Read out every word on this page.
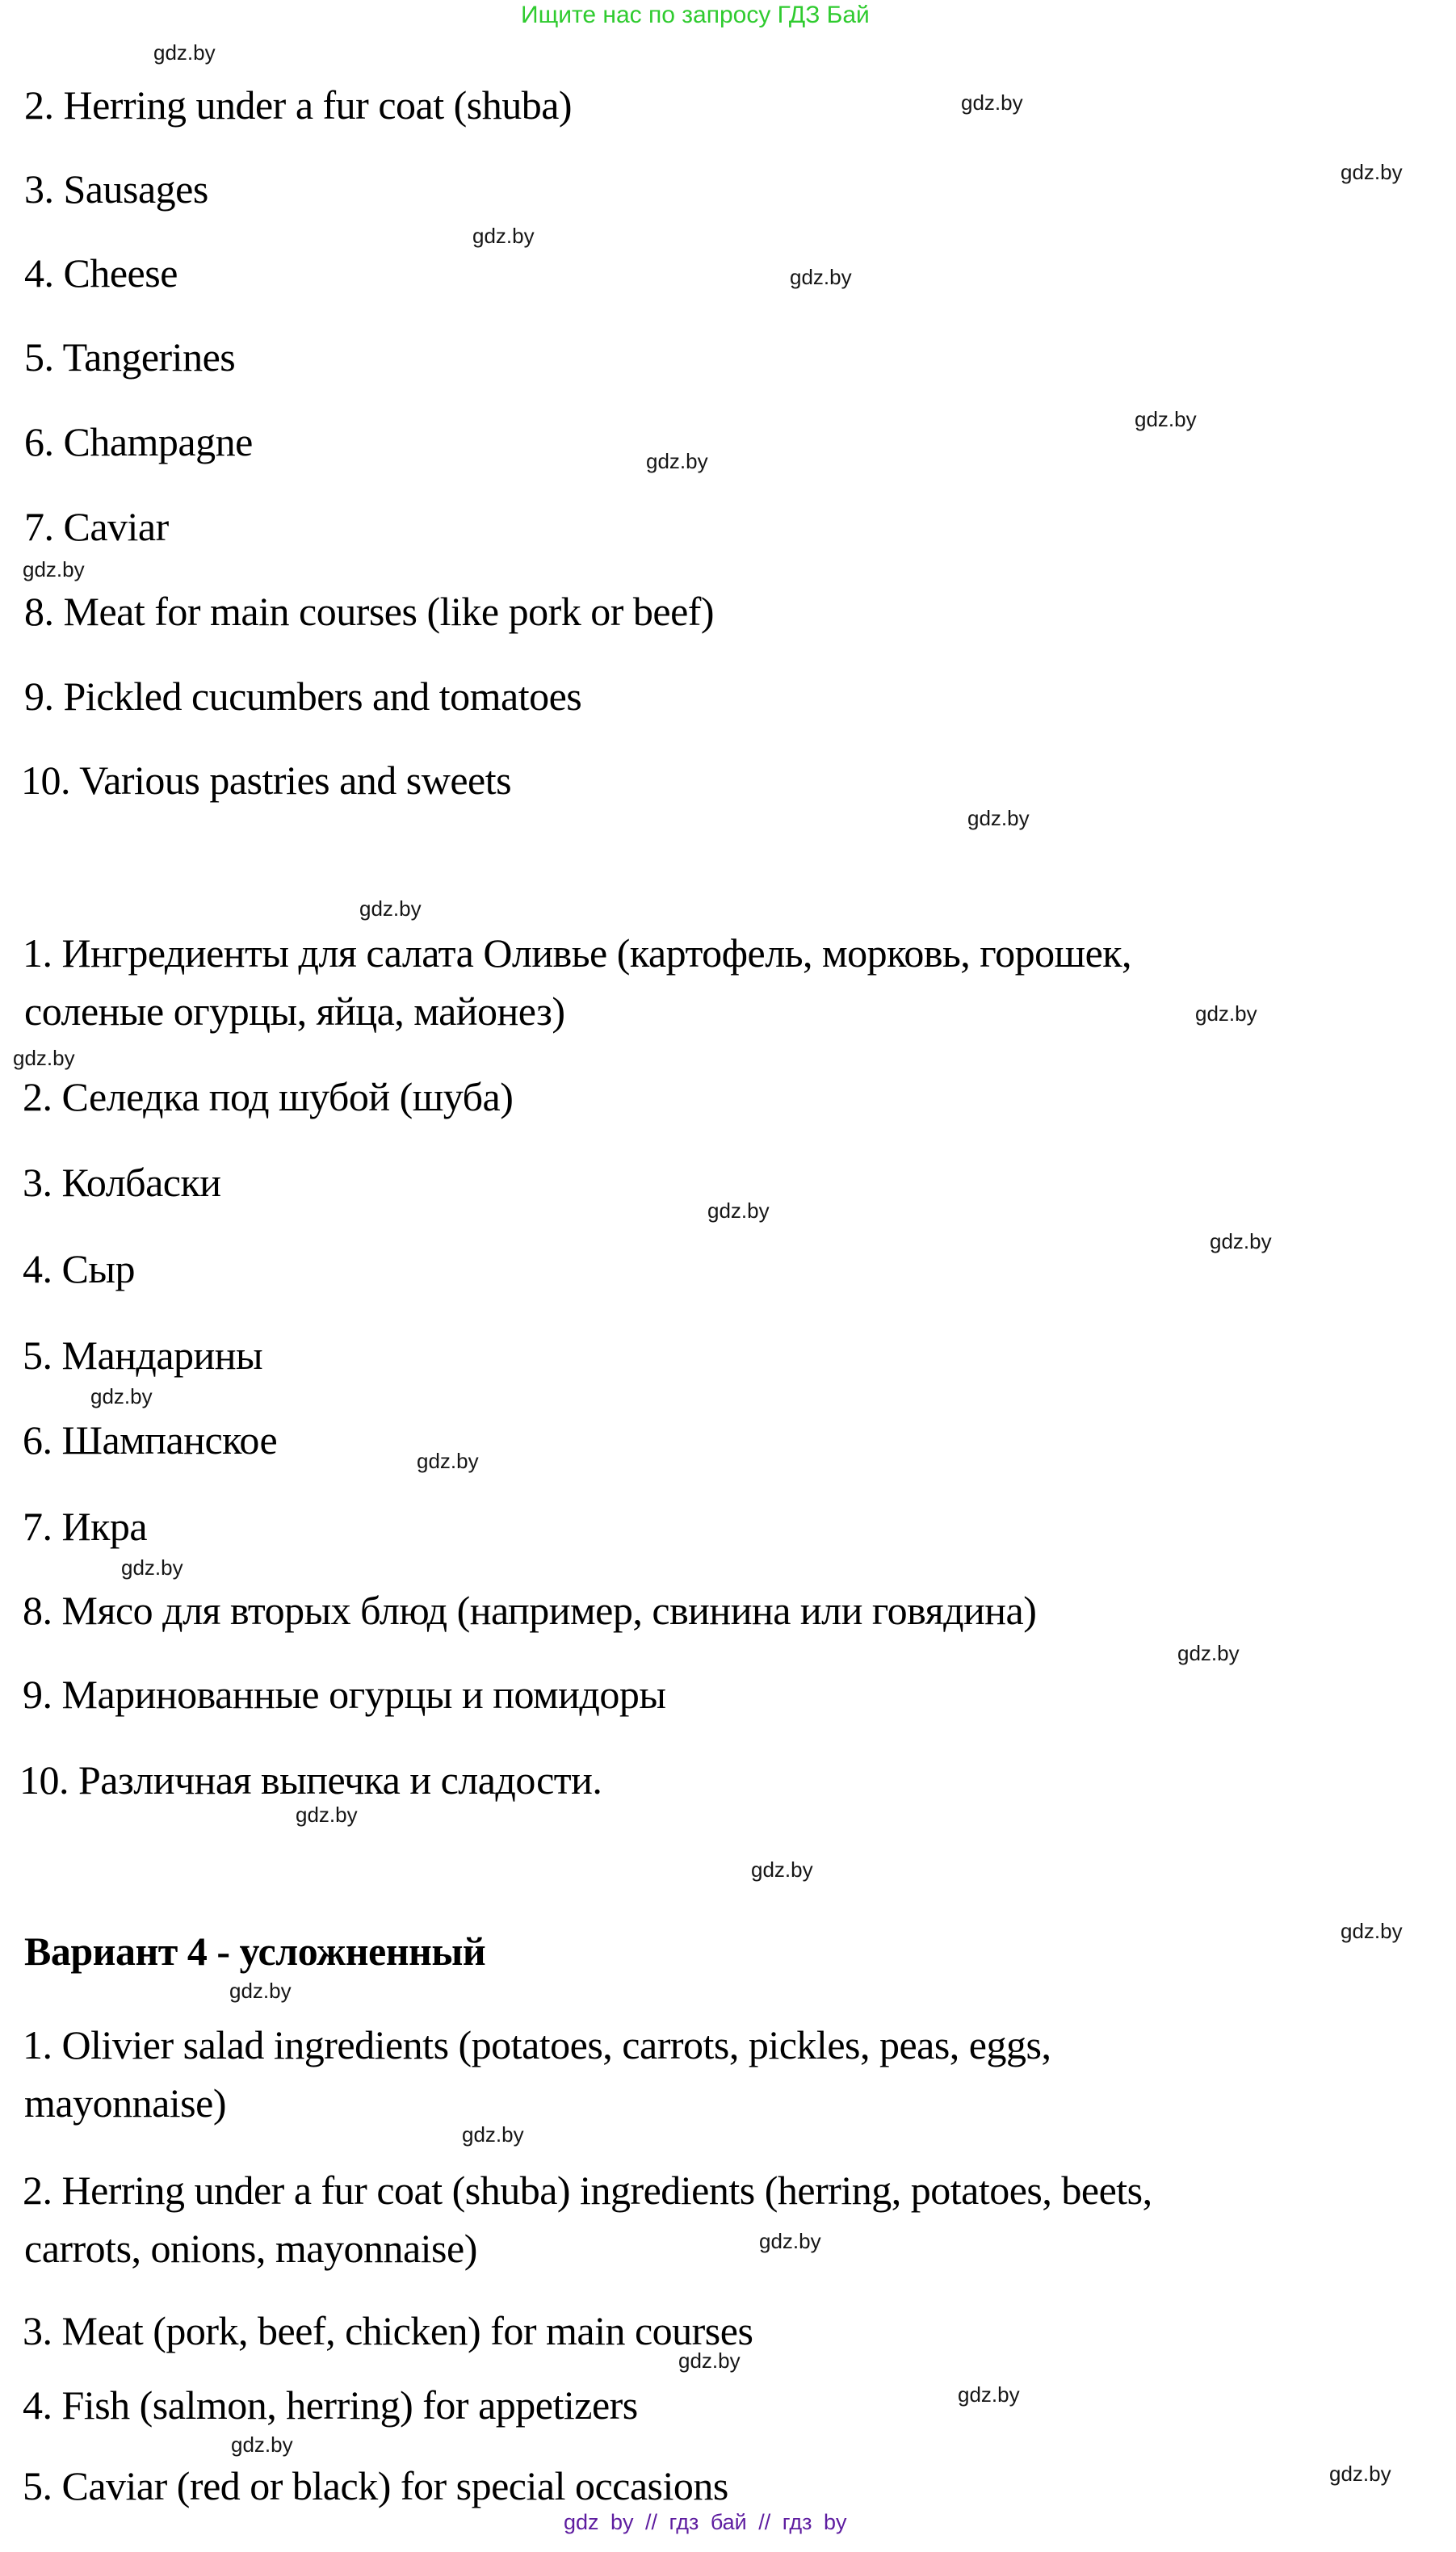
Ищите нас по запросу ГДЗ Бай
2. Herring under a fur coat (shuba)
3. Sausages
4. Cheese
5. Tangerines
6. Champagne
7. Caviar
8. Meat for main courses (like pork or beef)
9. Pickled cucumbers and tomatoes
10. Various pastries and sweets
1. Ингредиенты для салата Оливье (картофель, морковь, горошек,
соленые огурцы, яйца, майонез)
2. Селедка под шубой (шуба)
3. Колбаски
4. Сыр
5. Мандарины
6. Шампанское
7. Икра
8. Мясо для вторых блюд (например, свинина или говядина)
9. Маринованные огурцы и помидоры
10. Различная выпечка и сладости.
Вариант 4 - усложненный
1. Olivier salad ingredients (potatoes, carrots, pickles, peas, eggs,
mayonnaise)
2. Herring under a fur coat (shuba) ingredients (herring, potatoes, beets,
carrots, onions, mayonnaise)
3. Meat (pork, beef, chicken) for main courses
4. Fish (salmon, herring) for appetizers
5. Caviar (red or black) for special occasions
gdz.by
gdz.by
gdz.by
gdz.by
gdz.by
gdz.by
gdz.by
gdz.by
gdz.by
gdz.by
gdz.by
gdz.by
gdz.by
gdz.by
gdz.by
gdz.by
gdz.by
gdz.by
gdz.by
gdz.by
gdz.by
gdz.by
gdz.by
gdz.by
gdz.by
gdz.by
gdz.by
gdz.by
gdz by // гдз бай // гдз by
